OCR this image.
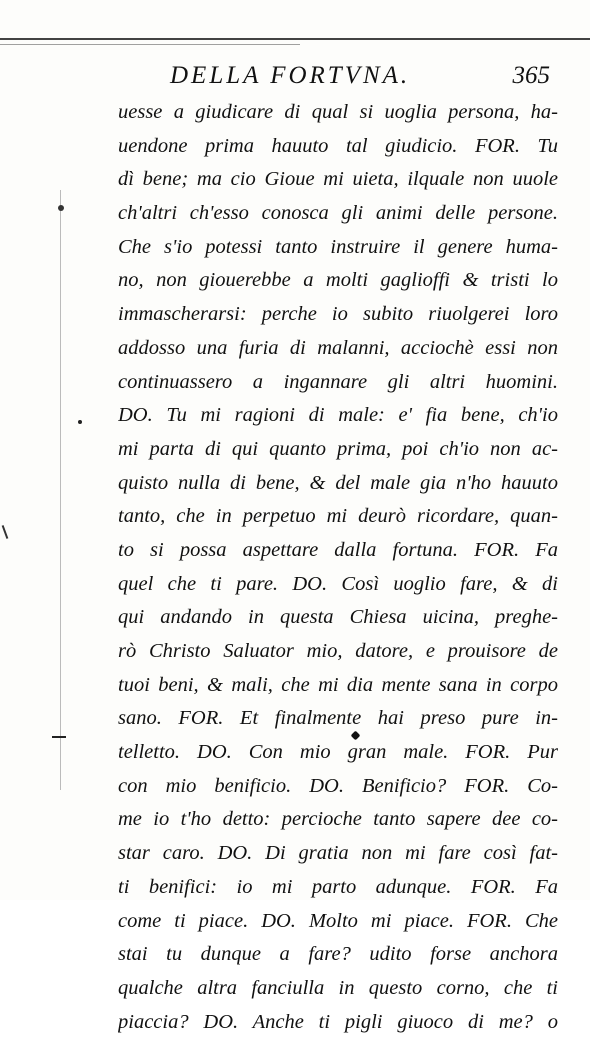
DELLA FORTVNA.	365
uesse a giudicare di qual si uoglia persona, ha-
uendone prima hauuto tal giudicio. FOR. Tu
dì bene; ma cio Gioue mi uieta, ilquale non uuole
ch'altri ch'esso conosca gli animi delle persone.
Che s'io potessi tanto instruire il genere huma-
no, non giouerebbe a molti gaglioffi & tristi lo
immascherarsi: perche io subito riuolgerei loro
addosso una furia di malanni, acciochè essi non
continuassero a ingannare gli altri huomini.
DO. Tu mi ragioni di male: e' fia bene, ch'io
mi parta di qui quanto prima, poi ch'io non ac-
quisto nulla di bene, & del male gia n'ho hauuto
tanto, che in perpetuo mi deurò ricordare, quan-
to si possa aspettare dalla fortuna. FOR. Fa
quel che ti pare. DO. Così uoglio fare, & di
qui andando in questa Chiesa uicina, preghe-
rò Christo Saluator mio, datore, e prouisore de
tuoi beni, & mali, che mi dia mente sana in corpo
sano. FOR. Et finalmente hai preso pure in-
telletto. DO. Con mio gran male. FOR. Pur
con mio benificio. DO. Benificio? FOR. Co-
me io t'ho detto: percioche tanto sapere dee co-
star caro. DO. Di gratia non mi fare così fat-
ti benifici: io mi parto adunque. FOR. Fa
come ti piace. DO. Molto mi piace. FOR. Che
stai tu dunque a fare? udito forse anchora
qualche altra fanciulla in questo corno, che ti
piaccia? DO. Anche ti pigli giuoco di me? o
